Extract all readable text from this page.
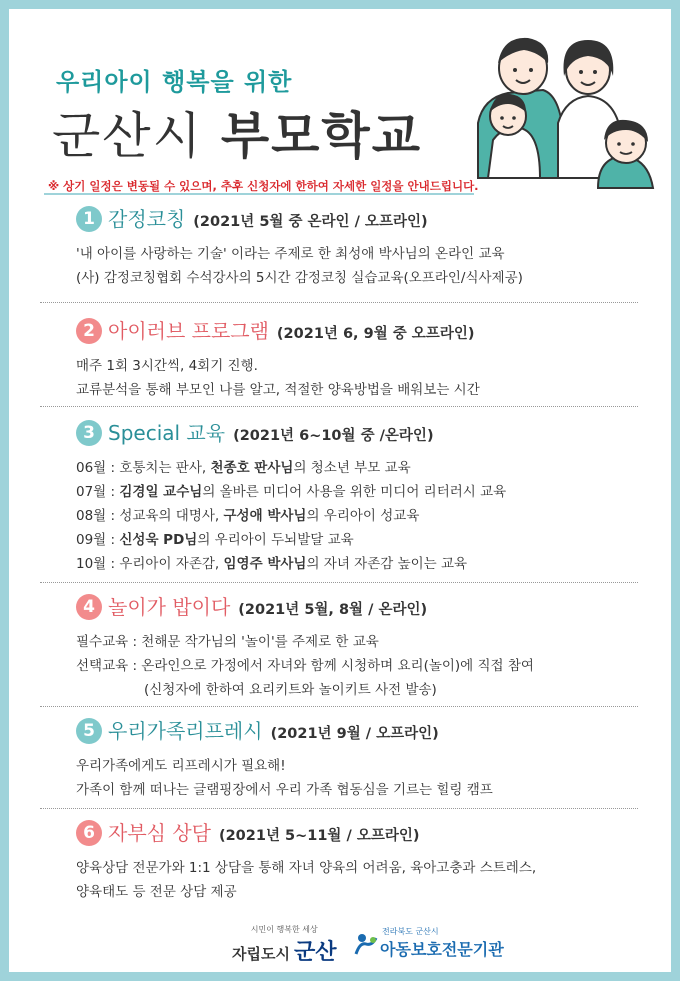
우리아이 행복을 위한
군산시 부모학교
※ 상기 일정은 변동될 수 있으며, 추후 신청자에 한하여 자세한 일정을 안내드립니다.
1 감정코칭 (2021년 5월 중 온라인 / 오프라인)
'내 아이를 사랑하는 기술' 이라는 주제로 한 최성애 박사님의 온라인 교육
(사) 감정코칭협회 수석강사의 5시간 감정코칭 실습교육(오프라인/식사제공)
2 아이러브 프로그램 (2021년 6, 9월 중 오프라인)
매주 1회 3시간씩, 4회기 진행.
교류분석을 통해 부모인 나를 알고, 적절한 양육방법을 배워보는 시간
3 Special 교육 (2021년 6~10월 중 /온라인)
06월 : 호통치는 판사, 천종호 판사님의 청소년 부모 교육
07월 : 김경일 교수님의 올바른 미디어 사용을 위한 미디어 리터러시 교육
08월 : 성교육의 대명사, 구성애 박사님의 우리아이 성교육
09월 : 신성욱 PD님의 우리아이 두뇌발달 교육
10월 : 우리아이 자존감, 임영주 박사님의 자녀 자존감 높이는 교육
4 놀이가 밥이다 (2021년 5월, 8월 / 온라인)
필수교육 : 천해문 작가님의 '놀이'를 주제로 한 교육
선택교육 : 온라인으로 가정에서 자녀와 함께 시청하며 요리(놀이)에 직접 참여
(신청자에 한하여 요리키트와 놀이키트 사전 발송)
5 우리가족리프레시 (2021년 9월 / 오프라인)
우리가족에게도 리프레시가 필요해!
가족이 함께 떠나는 글램핑장에서 우리 가족 협동심을 기르는 힐링 캠프
6 자부심 상담 (2021년 5~11월 / 오프라인)
양육상담 전문가와 1:1 상담을 통해 자녀 양육의 어려움, 육아고충과 스트레스,
양육태도 등 전문 상담 제공
시민이 행복한 세상
자립도시 군산
전라북도 군산시
아동보호전문기관
